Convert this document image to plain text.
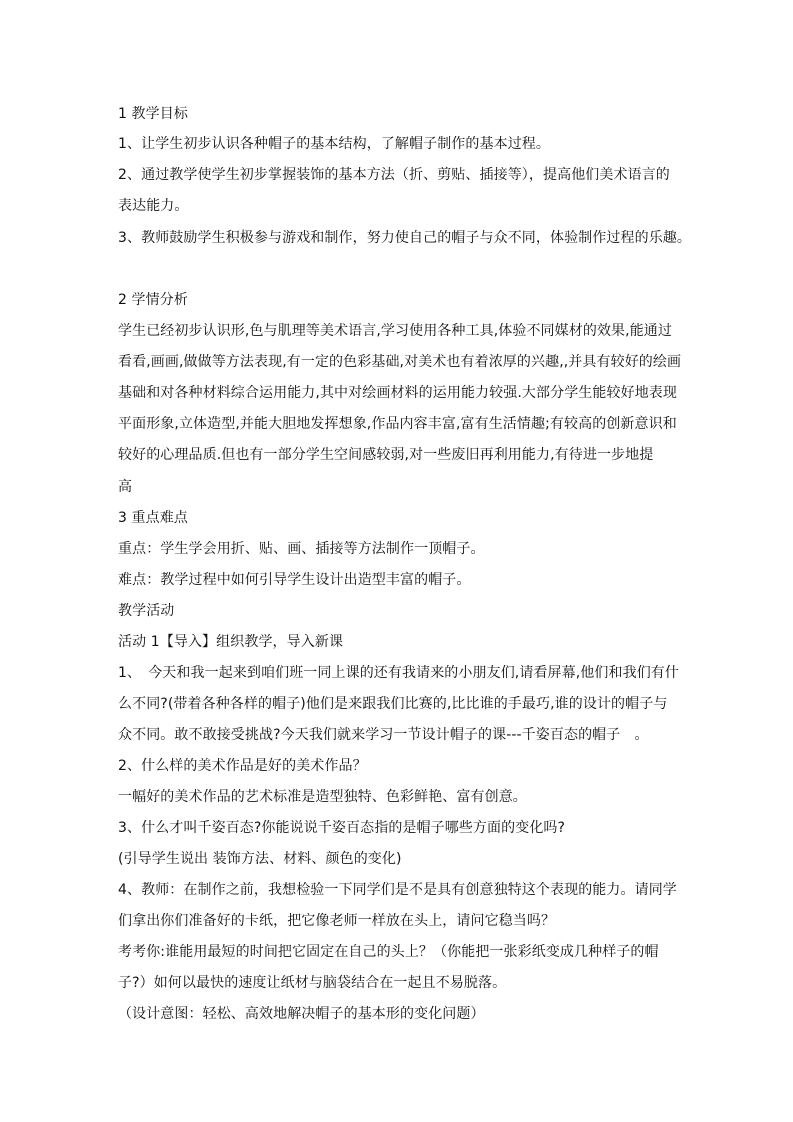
1 教学目标
1、让学生初步认识各种帽子的基本结构，了解帽子制作的基本过程。
2、通过教学使学生初步掌握装饰的基本方法（折、剪贴、插接等），提高他们美术语言的
表达能力。
3、教师鼓励学生积极参与游戏和制作，努力使自己的帽子与众不同，体验制作过程的乐趣。
2 学情分析
学生已经初步认识形,色与肌理等美术语言,学习使用各种工具,体验不同媒材的效果,能通过
看看,画画,做做等方法表现,有一定的色彩基础,对美术也有着浓厚的兴趣,,并具有较好的绘画
基础和对各种材料综合运用能力,其中对绘画材料的运用能力较强.大部分学生能较好地表现
平面形象,立体造型,并能大胆地发挥想象,作品内容丰富,富有生活情趣;有较高的创新意识和
较好的心理品质.但也有一部分学生空间感较弱,对一些废旧再利用能力,有待进一步地提
高
3 重点难点
重点：学生学会用折、贴、画、插接等方法制作一顶帽子。
难点：教学过程中如何引导学生设计出造型丰富的帽子。
教学活动
活动 1【导入】组织教学，导入新课
1、　今天和我一起来到咱们班一同上课的还有我请来的小朋友们,请看屏幕,他们和我们有什
么不同?(带着各种各样的帽子)他们是来跟我们比赛的,比比谁的手最巧,谁的设计的帽子与
众不同。敢不敢接受挑战?今天我们就来学习一节设计帽子的课---千姿百态的帽子　。
2、什么样的美术作品是好的美术作品？
一幅好的美术作品的艺术标准是造型独特、色彩鲜艳、富有创意。
3、什么才叫千姿百态?你能说说千姿百态指的是帽子哪些方面的变化吗?
(引导学生说出 装饰方法、材料、颜色的变化)
4、教师：在制作之前，我想检验一下同学们是不是具有创意独特这个表现的能力。请同学
们拿出你们准备好的卡纸，把它像老师一样放在头上，请问它稳当吗？
考考你:谁能用最短的时间把它固定在自己的头上？（你能把一张彩纸变成几种样子的帽
子?）如何以最快的速度让纸材与脑袋结合在一起且不易脱落。
（设计意图：轻松、高效地解决帽子的基本形的变化问题）
